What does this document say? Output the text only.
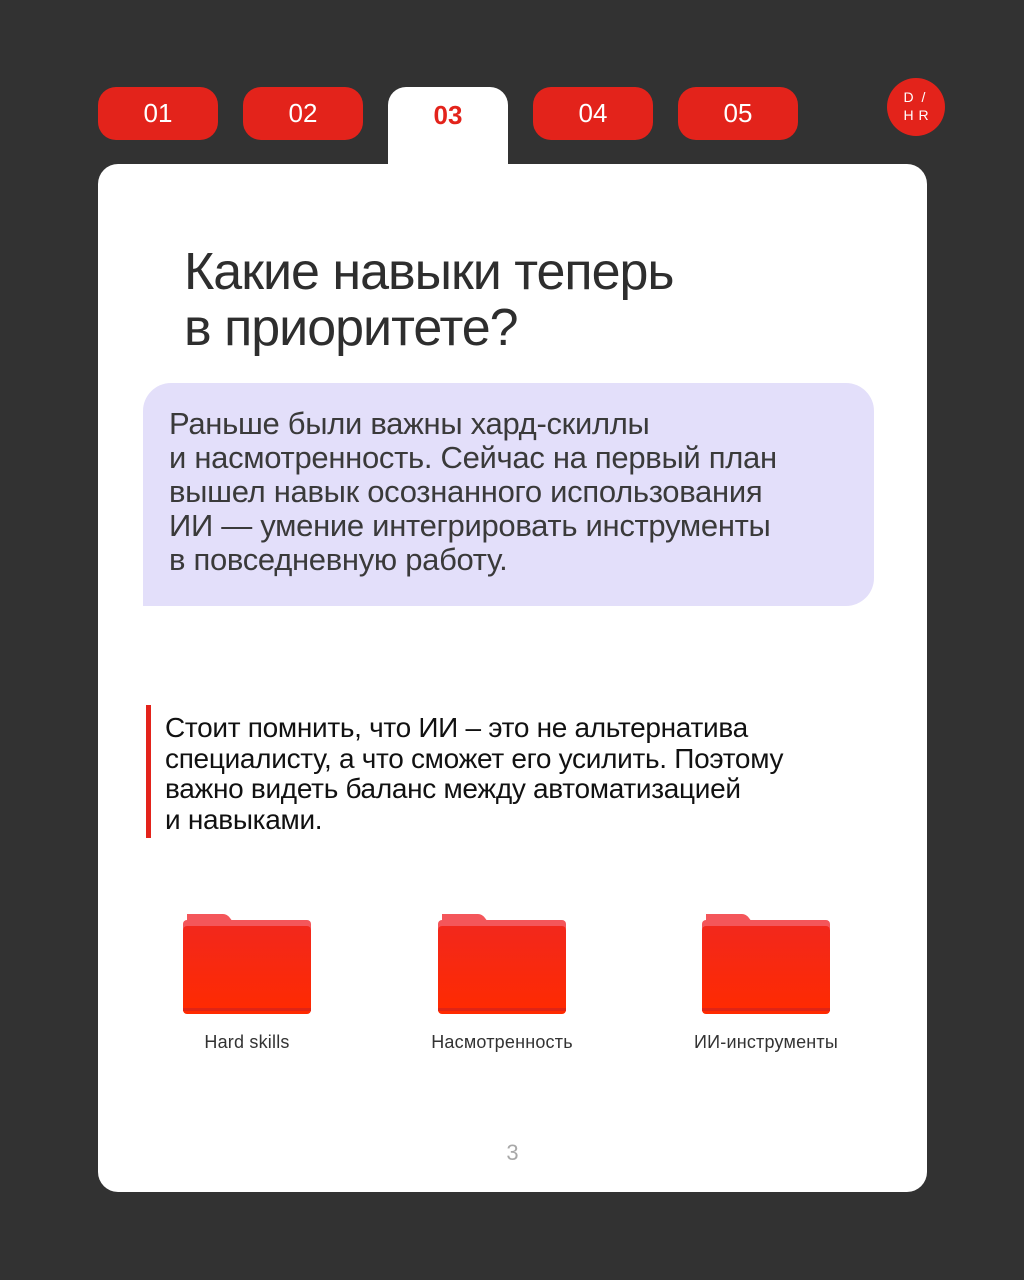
01	02	03	04	05
D /
H R
Какие навыки теперь
в приоритете?

Раньше были важны хард-скиллы
и насмотренность. Сейчас на первый план
вышел навык осознанного использования
ИИ — умение интегрировать инструменты
в повседневную работу.

Стоит помнить, что ИИ – это не альтернатива
специалисту, а что сможет его усилить. Поэтому
важно видеть баланс между автоматизацией
и навыками.

Hard skills	Насмотренность	ИИ-инструменты
3
